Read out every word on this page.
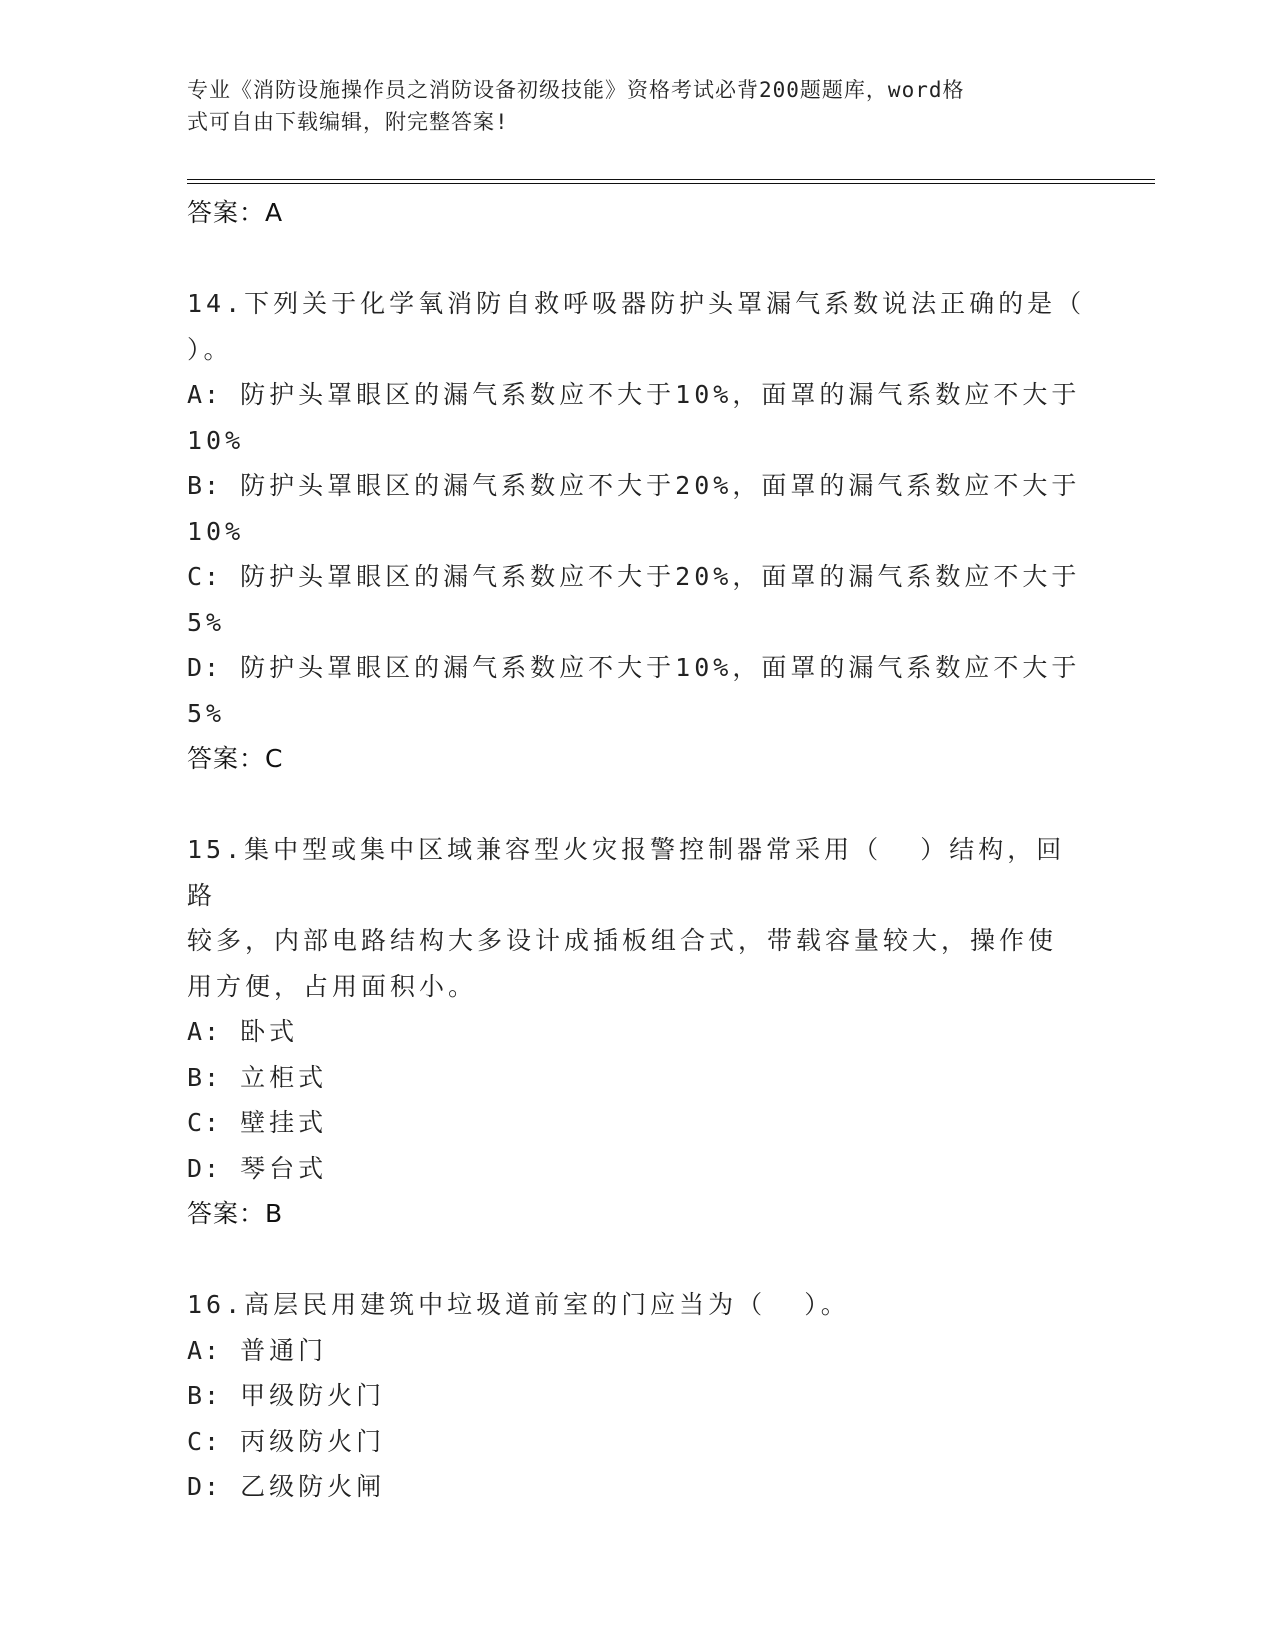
专业《消防设施操作员之消防设备初级技能》资格考试必背200题题库，word格
式可自由下载编辑，附完整答案!
答案：A
14.下列关于化学氧消防自救呼吸器防护头罩漏气系数说法正确的是（
）。
A: 防护头罩眼区的漏气系数应不大于10%，面罩的漏气系数应不大于
10%
B: 防护头罩眼区的漏气系数应不大于20%，面罩的漏气系数应不大于
10%
C: 防护头罩眼区的漏气系数应不大于20%，面罩的漏气系数应不大于
5%
D: 防护头罩眼区的漏气系数应不大于10%，面罩的漏气系数应不大于
5%
答案：C
15.集中型或集中区域兼容型火灾报警控制器常采用（  ）结构，回路
较多，内部电路结构大多设计成插板组合式，带载容量较大，操作使
用方便，占用面积小。
A: 卧式
B: 立柜式
C: 壁挂式
D: 琴台式
答案：B
16.高层民用建筑中垃圾道前室的门应当为（  ）。
A: 普通门
B: 甲级防火门
C: 丙级防火门
D: 乙级防火闸
